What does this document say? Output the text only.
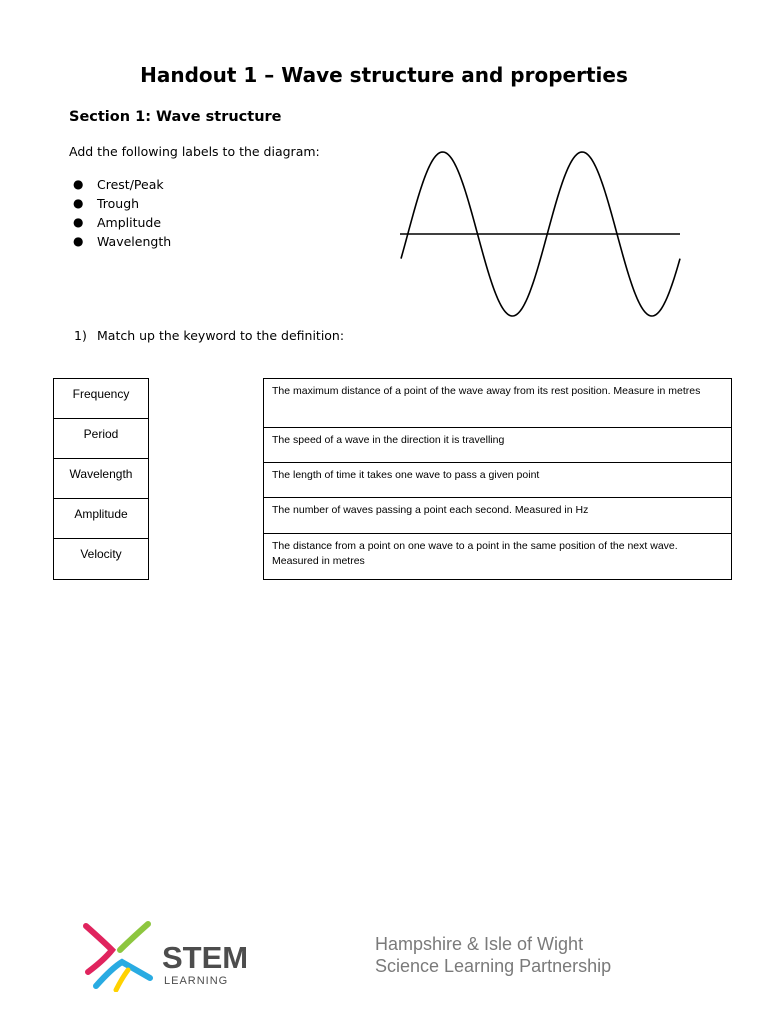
Handout 1 – Wave structure and properties
Section 1: Wave structure
Add the following labels to the diagram:
● Crest/Peak
● Trough
● Amplitude
● Wavelength
1) Match up the keyword to the definition:
Frequency
Period
Wavelength
Amplitude
Velocity
The maximum distance of a point of the wave away from its rest position. Measure in metres
The speed of a wave in the direction it is travelling
The length of time it takes one wave to pass a given point
The number of waves passing a point each second. Measured in Hz
The distance from a point on one wave to a point in the same position of the next wave. Measured in metres
STEM
LEARNING
Hampshire & Isle of Wight
Science Learning Partnership
